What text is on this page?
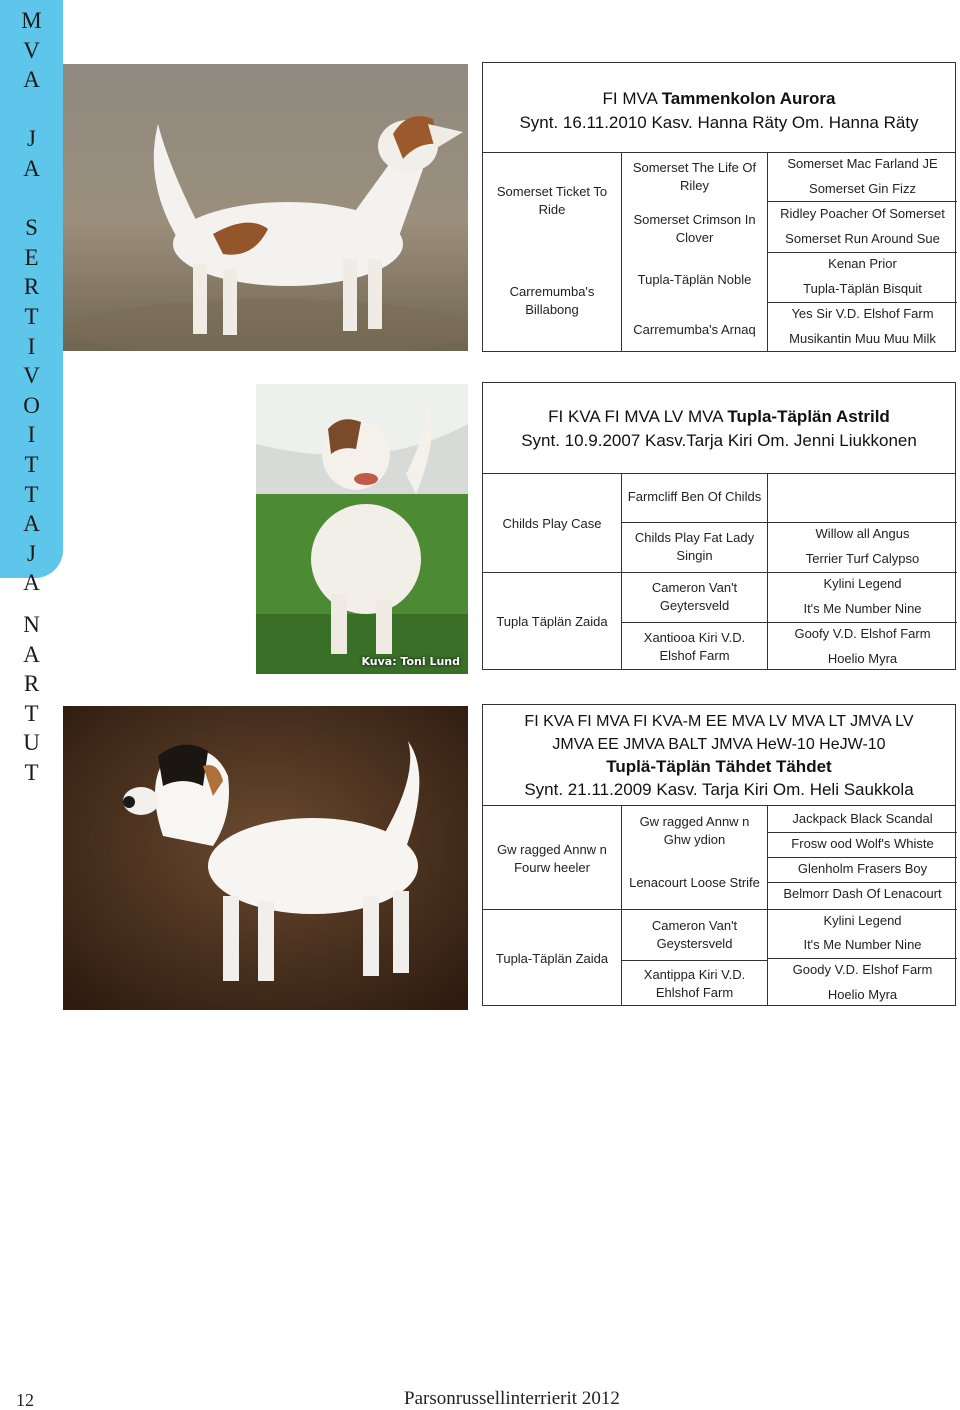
M
V
A
J
A
S
E
R
T
I
V
O
I
T
T
A
J
A
N
A
R
T
U
T
Kuva: Toni Lund
FI MVA Tammenkolon Aurora
Synt. 16.11.2010 Kasv. Hanna Räty Om. Hanna Räty
Somerset Ticket To Ride
Carremumba's Billabong
Somerset The Life Of Riley
Somerset Crimson In Clover
Tupla-Täplän Noble
Carremumba's Arnaq
Somerset Mac Farland JE
Somerset Gin Fizz
Ridley Poacher Of Somerset
Somerset Run Around Sue
Kenan Prior
Tupla-Täplän Bisquit
Yes Sir V.D. Elshof Farm
Musikantin Muu Muu Milk
FI KVA FI MVA LV MVA Tupla-Täplän Astrild
Synt. 10.9.2007 Kasv.Tarja Kiri Om. Jenni Liukkonen
Childs Play Case
Tupla Täplän Zaida
Farmcliff Ben Of Childs
Childs Play Fat Lady Singin
Cameron Van't Geytersveld
Xantiooa Kiri V.D. Elshof Farm
Willow all Angus
Terrier Turf Calypso
Kylini Legend
It's Me Number Nine
Goofy V.D. Elshof Farm
Hoelio Myra
FI KVA FI MVA FI KVA-M EE MVA LV MVA LT JMVA LV
JMVA EE JMVA BALT JMVA HeW-10 HeJW-10
Tuplä-Täplän Tähdet Tähdet
Synt. 21.11.2009 Kasv. Tarja Kiri Om. Heli Saukkola
Gw ragged Annw n Fourw heeler
Tupla-Täplän Zaida
Gw ragged Annw n Ghw ydion
Lenacourt Loose Strife
Cameron Van't Geystersveld
Xantippa Kiri V.D. Ehlshof Farm
Jackpack Black Scandal
Frosw ood Wolf's Whiste
Glenholm Frasers Boy
Belmorr Dash Of Lenacourt
Kylini Legend
It's Me Number Nine
Goody V.D. Elshof Farm
Hoelio Myra
12	Parsonrussellinterrierit 2012
